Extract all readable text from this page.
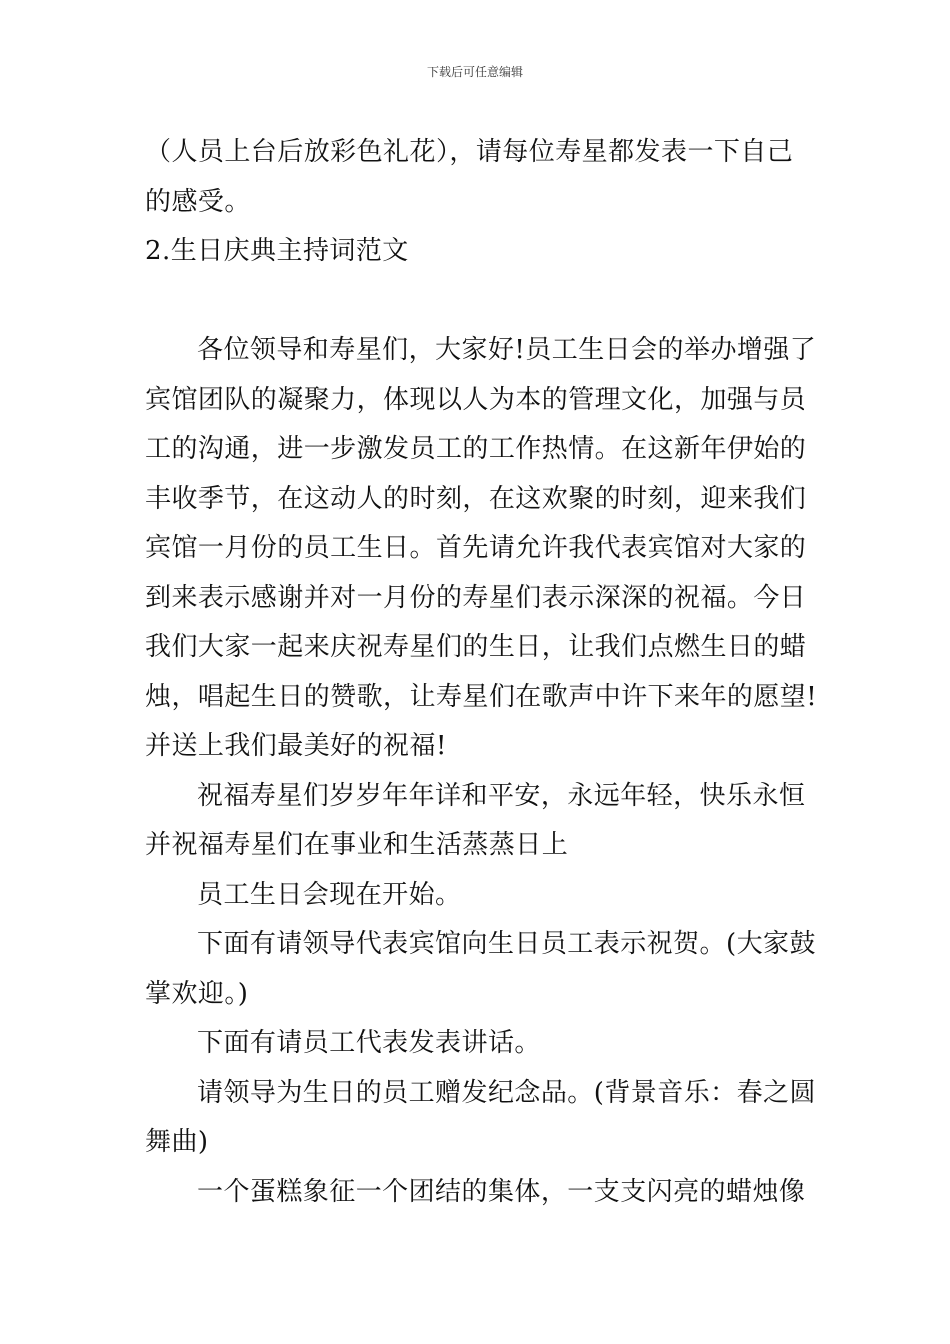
下载后可任意编辑
（人员上台后放彩色礼花），请每位寿星都发表一下自己
的感受。
2.生日庆典主持词范文
各位领导和寿星们，大家好!员工生日会的举办增强了
宾馆团队的凝聚力，体现以人为本的管理文化，加强与员
工的沟通，进一步激发员工的工作热情。在这新年伊始的
丰收季节，在这动人的时刻，在这欢聚的时刻，迎来我们
宾馆一月份的员工生日。首先请允许我代表宾馆对大家的
到来表示感谢并对一月份的寿星们表示深深的祝福。今日
我们大家一起来庆祝寿星们的生日，让我们点燃生日的蜡
烛，唱起生日的赞歌，让寿星们在歌声中许下来年的愿望!
并送上我们最美好的祝福!
祝福寿星们岁岁年年详和平安，永远年轻，快乐永恒
并祝福寿星们在事业和生活蒸蒸日上
员工生日会现在开始。
下面有请领导代表宾馆向生日员工表示祝贺。(大家鼓
掌欢迎。)
下面有请员工代表发表讲话。
请领导为生日的员工赠发纪念品。(背景音乐：春之圆
舞曲)
一个蛋糕象征一个团结的集体，一支支闪亮的蜡烛像
